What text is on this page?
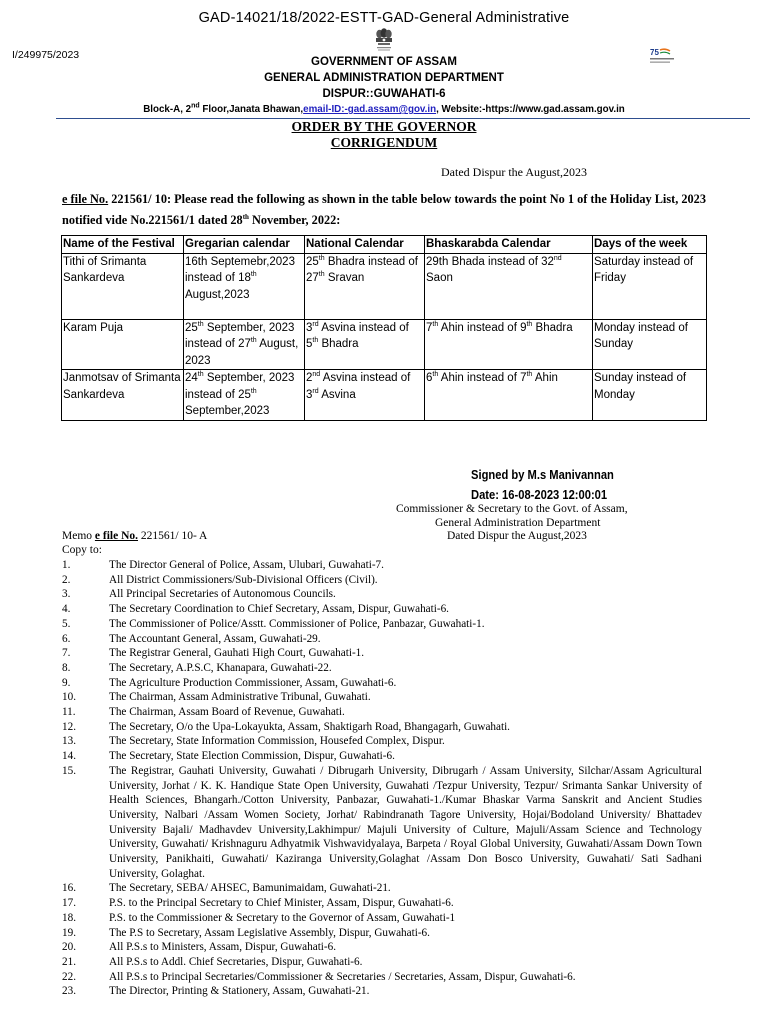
GAD-14021/18/2022-ESTT-GAD-General Administrative
I/249975/2023	75
GOVERNMENT OF ASSAM
GENERAL ADMINISTRATION DEPARTMENT
DISPUR::GUWAHATI-6
Block-A, 2nd Floor,Janata Bhawan,email-ID:-gad.assam@gov.in, Website:-https://www.gad.assam.gov.in
ORDER BY THE GOVERNOR
CORRIGENDUM
Dated Dispur the August,2023
e file No. 221561/ 10: Please read the following as shown in the table below towards the point No 1 of the Holiday List, 2023 notified vide No.221561/1 dated 28th November, 2022:
Name of the Festival	Gregarian calendar	National Calendar	Bhaskarabda Calendar	Days of the week
Tithi of Srimanta Sankardeva	16th Septemebr,2023 instead of 18th August,2023	25th Bhadra instead of 27th Sravan	29th Bhada instead of 32nd Saon	Saturday instead of Friday
Karam Puja	25th September, 2023 instead of 27th August, 2023	3rd Asvina instead of 5th Bhadra	7th Ahin instead of 9th Bhadra	Monday instead of Sunday
Janmotsav of Srimanta Sankardeva	24th September, 2023 instead of 25th September,2023	2nd Asvina instead of 3rd Asvina	6th Ahin instead of 7th Ahin	Sunday instead of Monday
Signed by M.s Manivannan
Date: 16-08-2023 12:00:01
Commissioner & Secretary to the Govt. of Assam,
General Administration Department
Memo e file No. 221561/ 10- A	Dated Dispur the August,2023
Copy to:
1.	The Director General of Police, Assam, Ulubari, Guwahati-7.
2.	All District Commissioners/Sub-Divisional Officers (Civil).
3.	All Principal Secretaries of Autonomous Councils.
4.	The Secretary Coordination to Chief Secretary, Assam, Dispur, Guwahati-6.
5.	The Commissioner of Police/Asstt. Commissioner of Police, Panbazar, Guwahati-1.
6.	The Accountant General, Assam, Guwahati-29.
7.	The Registrar General, Gauhati High Court, Guwahati-1.
8.	The Secretary, A.P.S.C, Khanapara, Guwahati-22.
9.	The Agriculture Production Commissioner, Assam, Guwahati-6.
10.	The Chairman, Assam Administrative Tribunal, Guwahati.
11.	The Chairman, Assam Board of Revenue, Guwahati.
12.	The Secretary, O/o the Upa-Lokayukta, Assam, Shaktigarh Road, Bhangagarh, Guwahati.
13.	The Secretary, State Information Commission, Housefed Complex, Dispur.
14.	The Secretary, State Election Commission, Dispur, Guwahati-6.
15.	The Registrar, Gauhati University, Guwahati / Dibrugarh University, Dibrugarh / Assam University, Silchar/Assam Agricultural University, Jorhat / K. K. Handique State Open University, Guwahati /Tezpur University, Tezpur/ Srimanta Sankar University of Health Sciences, Bhangarh./Cotton University, Panbazar, Guwahati-1./Kumar Bhaskar Varma Sanskrit and Ancient Studies University, Nalbari /Assam Women Society, Jorhat/ Rabindranath Tagore University, Hojai/Bodoland University/ Bhattadev University Bajali/ Madhavdev University,Lakhimpur/ Majuli University of Culture, Majuli/Assam Science and Technology University, Guwahati/ Krishnaguru Adhyatmik Vishwavidyalaya, Barpeta / Royal Global University, Guwahati/Assam Down Town University, Panikhaiti, Guwahati/ Kaziranga University,Golaghat /Assam Don Bosco University, Guwahati/ Sati Sadhani University, Golaghat.
16.	The Secretary, SEBA/ AHSEC, Bamunimaidam, Guwahati-21.
17.	P.S. to the Principal Secretary to Chief Minister, Assam, Dispur, Guwahati-6.
18.	P.S. to the Commissioner & Secretary to the Governor of Assam, Guwahati-1
19.	The P.S to Secretary, Assam Legislative Assembly, Dispur, Guwahati-6.
20.	All P.S.s to Ministers, Assam, Dispur, Guwahati-6.
21.	All P.S.s to Addl. Chief Secretaries, Dispur, Guwahati-6.
22.	All P.S.s to Principal Secretaries/Commissioner & Secretaries / Secretaries, Assam, Dispur, Guwahati-6.
23.	The Director, Printing & Stationery, Assam, Guwahati-21.
